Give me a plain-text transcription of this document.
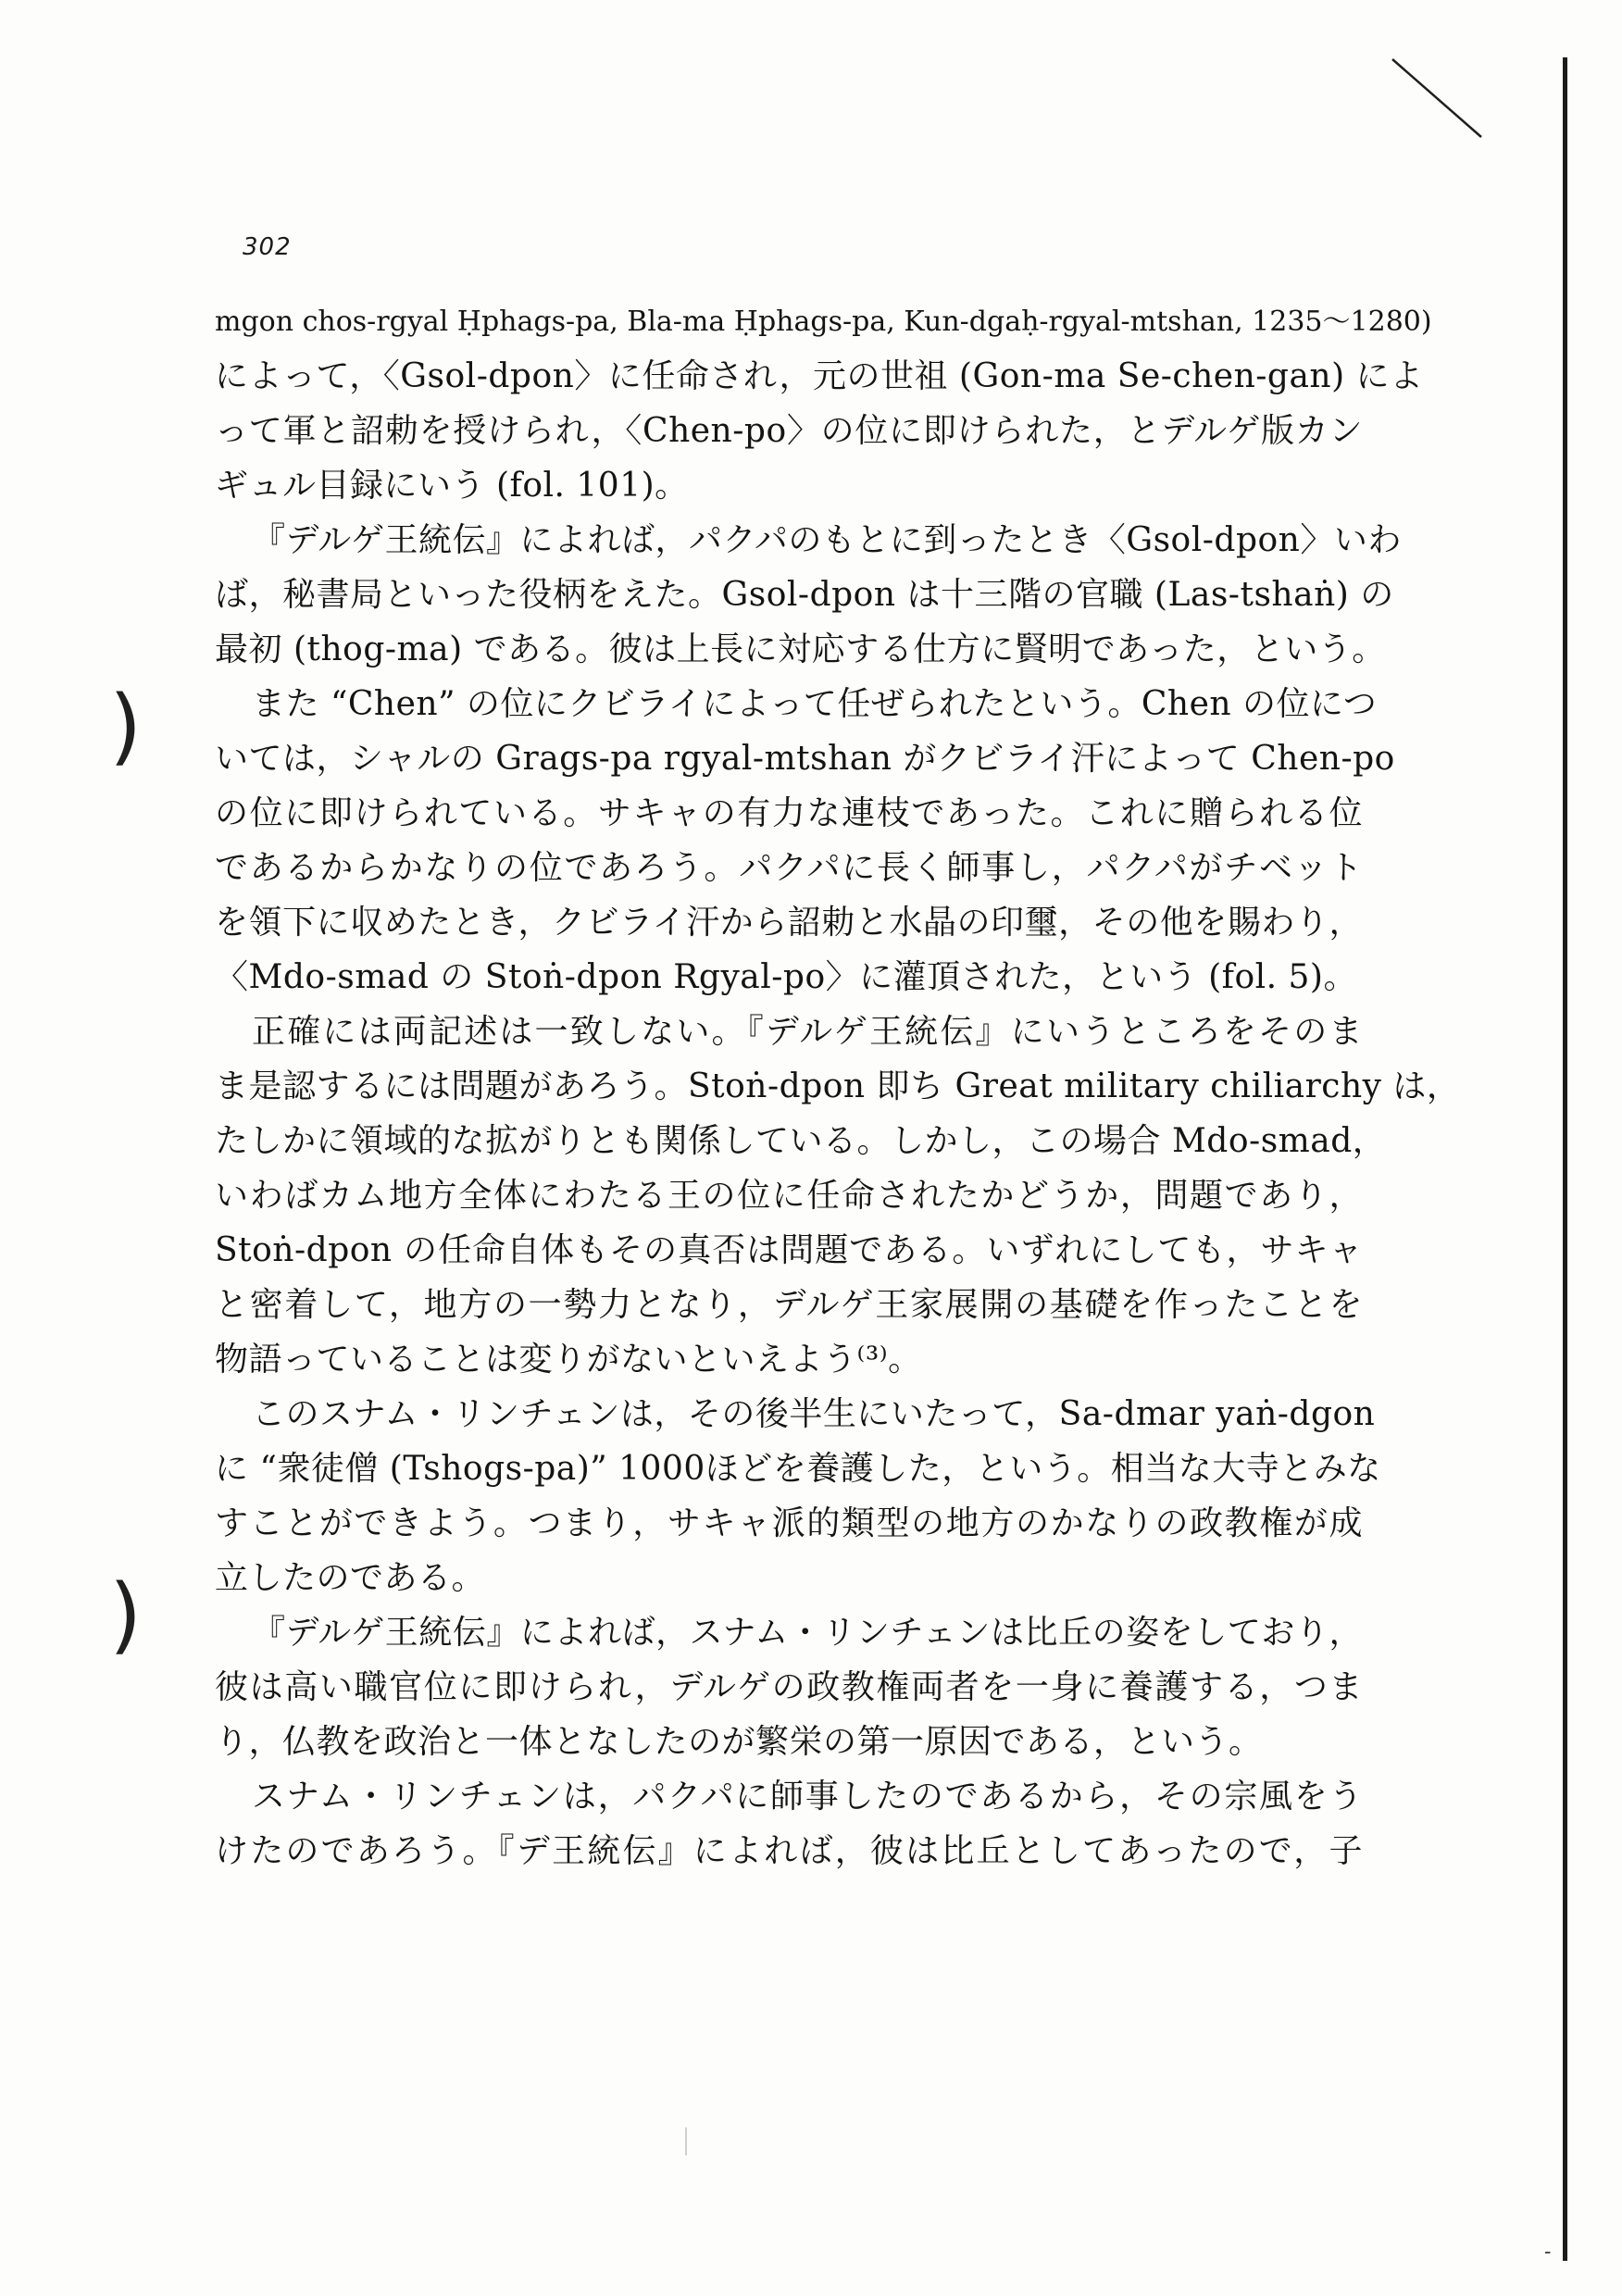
-
)
)
302
mgon chos-rgyal Ḥphags-pa, Bla-ma Ḥphags-pa, Kun-dgaḥ-rgyal-mtshan, 1235～1280)
によって，〈Gsol-dpon〉に任命され，元の世祖 (Gon-ma Se-chen-gan) によ
って軍と詔勅を授けられ，〈Chen-po〉の位に即けられた，とデルゲ版カン
ギュル目録にいう (fol. 101)。
『デルゲ王統伝』によれば，パクパのもとに到ったとき〈Gsol-dpon〉いわ
ば，秘書局といった役柄をえた。Gsol-dpon は十三階の官職 (Las-tshaṅ) の
最初 (thog-ma) である。彼は上長に対応する仕方に賢明であった，という。
また “Chen” の位にクビライによって任ぜられたという。Chen の位につ
いては，シャルの Grags-pa rgyal-mtshan がクビライ汗によって Chen-po
の位に即けられている。サキャの有力な連枝であった。これに贈られる位
であるからかなりの位であろう。パクパに長く師事し，パクパがチベット
を領下に収めたとき，クビライ汗から詔勅と水晶の印璽，その他を賜わり，
〈Mdo-smad の Stoṅ-dpon Rgyal-po〉に灌頂された，という (fol. 5)。
正確には両記述は一致しない。『デルゲ王統伝』にいうところをそのま
ま是認するには問題があろう。Stoṅ-dpon 即ち Great military chiliarchy は，
たしかに領域的な拡がりとも関係している。しかし，この場合 Mdo-smad，
いわばカム地方全体にわたる王の位に任命されたかどうか，問題であり，
Stoṅ-dpon の任命自体もその真否は問題である。いずれにしても，サキャ
と密着して，地方の一勢力となり，デルゲ王家展開の基礎を作ったことを
物語っていることは変りがないといえよう⁽³⁾。
このスナム・リンチェンは，その後半生にいたって，Sa-dmar yaṅ-dgon
に “衆徒僧 (Tshogs-pa)” 1000ほどを養護した，という。相当な大寺とみな
すことができよう。つまり，サキャ派的類型の地方のかなりの政教権が成
立したのである。
『デルゲ王統伝』によれば，スナム・リンチェンは比丘の姿をしており，
彼は高い職官位に即けられ，デルゲの政教権両者を一身に養護する，つま
り，仏教を政治と一体となしたのが繁栄の第一原因である，という。
スナム・リンチェンは，パクパに師事したのであるから，その宗風をう
けたのであろう。『デ王統伝』によれば，彼は比丘としてあったので，子
